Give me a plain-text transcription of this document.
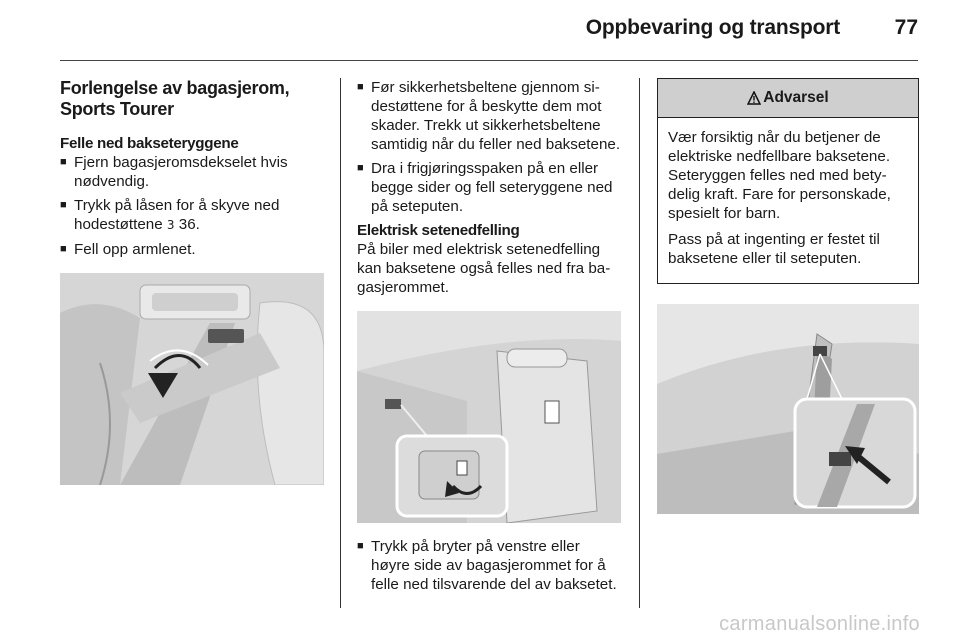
Oppbevaring og transport	77
Forlengelse av bagasjerom,
Sports Tourer

Felle ned bakseteryggene

■ Fjern bagasjeromsdekselet hvis nødvendig.
■ Trykk på låsen for å skyve ned hodestøttene 3 36.
■ Fell opp armlenet.
■ Før sikkerhetsbeltene gjennom sidestøttene for å beskytte dem mot skader. Trekk ut sikkerhetsbeltene samtidig når du feller ned baksetene.
■ Dra i frigjøringsspaken på en eller begge sider og fell seteryggene ned på seteputen.

Elektrisk setenedfelling

På biler med elektrisk setenedfelling kan baksetene også felles ned fra bagasjerommet.

■ Trykk på bryter på venstre eller høyre side av bagasjerommet for å felle ned tilsvarende del av baksetet.
Advarsel

Vær forsiktig når du betjener de elektriske nedfellbare baksetene. Seteryggen felles ned med betydelig kraft. Fare for personskade, spesielt for barn.

Pass på at ingenting er festet til baksetene eller til seteputen.

carmanualsonline.info
